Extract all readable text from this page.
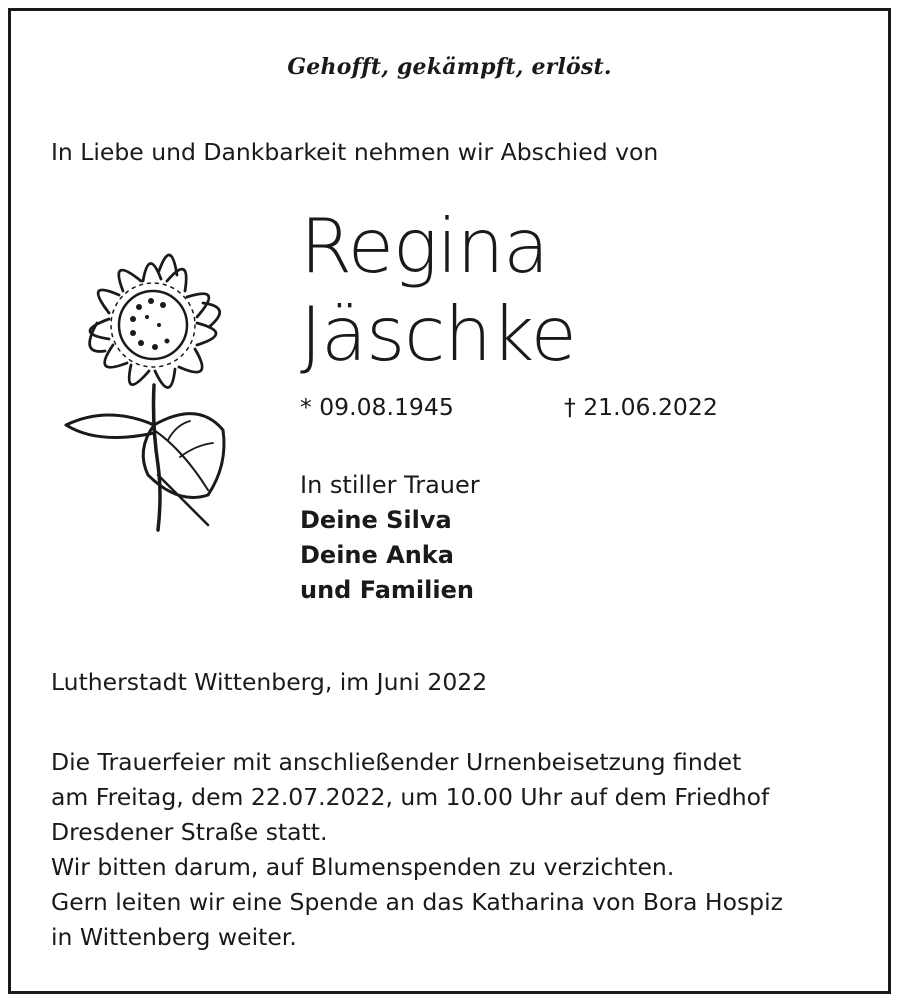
Gehofft, gekämpft, erlöst.
In Liebe und Dankbarkeit nehmen wir Abschied von
Regina
Jäschke
* 09.08.1945	† 21.06.2022
In stiller Trauer
Deine Silva
Deine Anka
und Familien
Lutherstadt Wittenberg, im Juni 2022
Die Trauerfeier mit anschließender Urnenbeisetzung findet
am Freitag, dem 22.07.2022, um 10.00 Uhr auf dem Friedhof
Dresdener Straße statt.
Wir bitten darum, auf Blumenspenden zu verzichten.
Gern leiten wir eine Spende an das Katharina von Bora Hospiz
in Wittenberg weiter.
